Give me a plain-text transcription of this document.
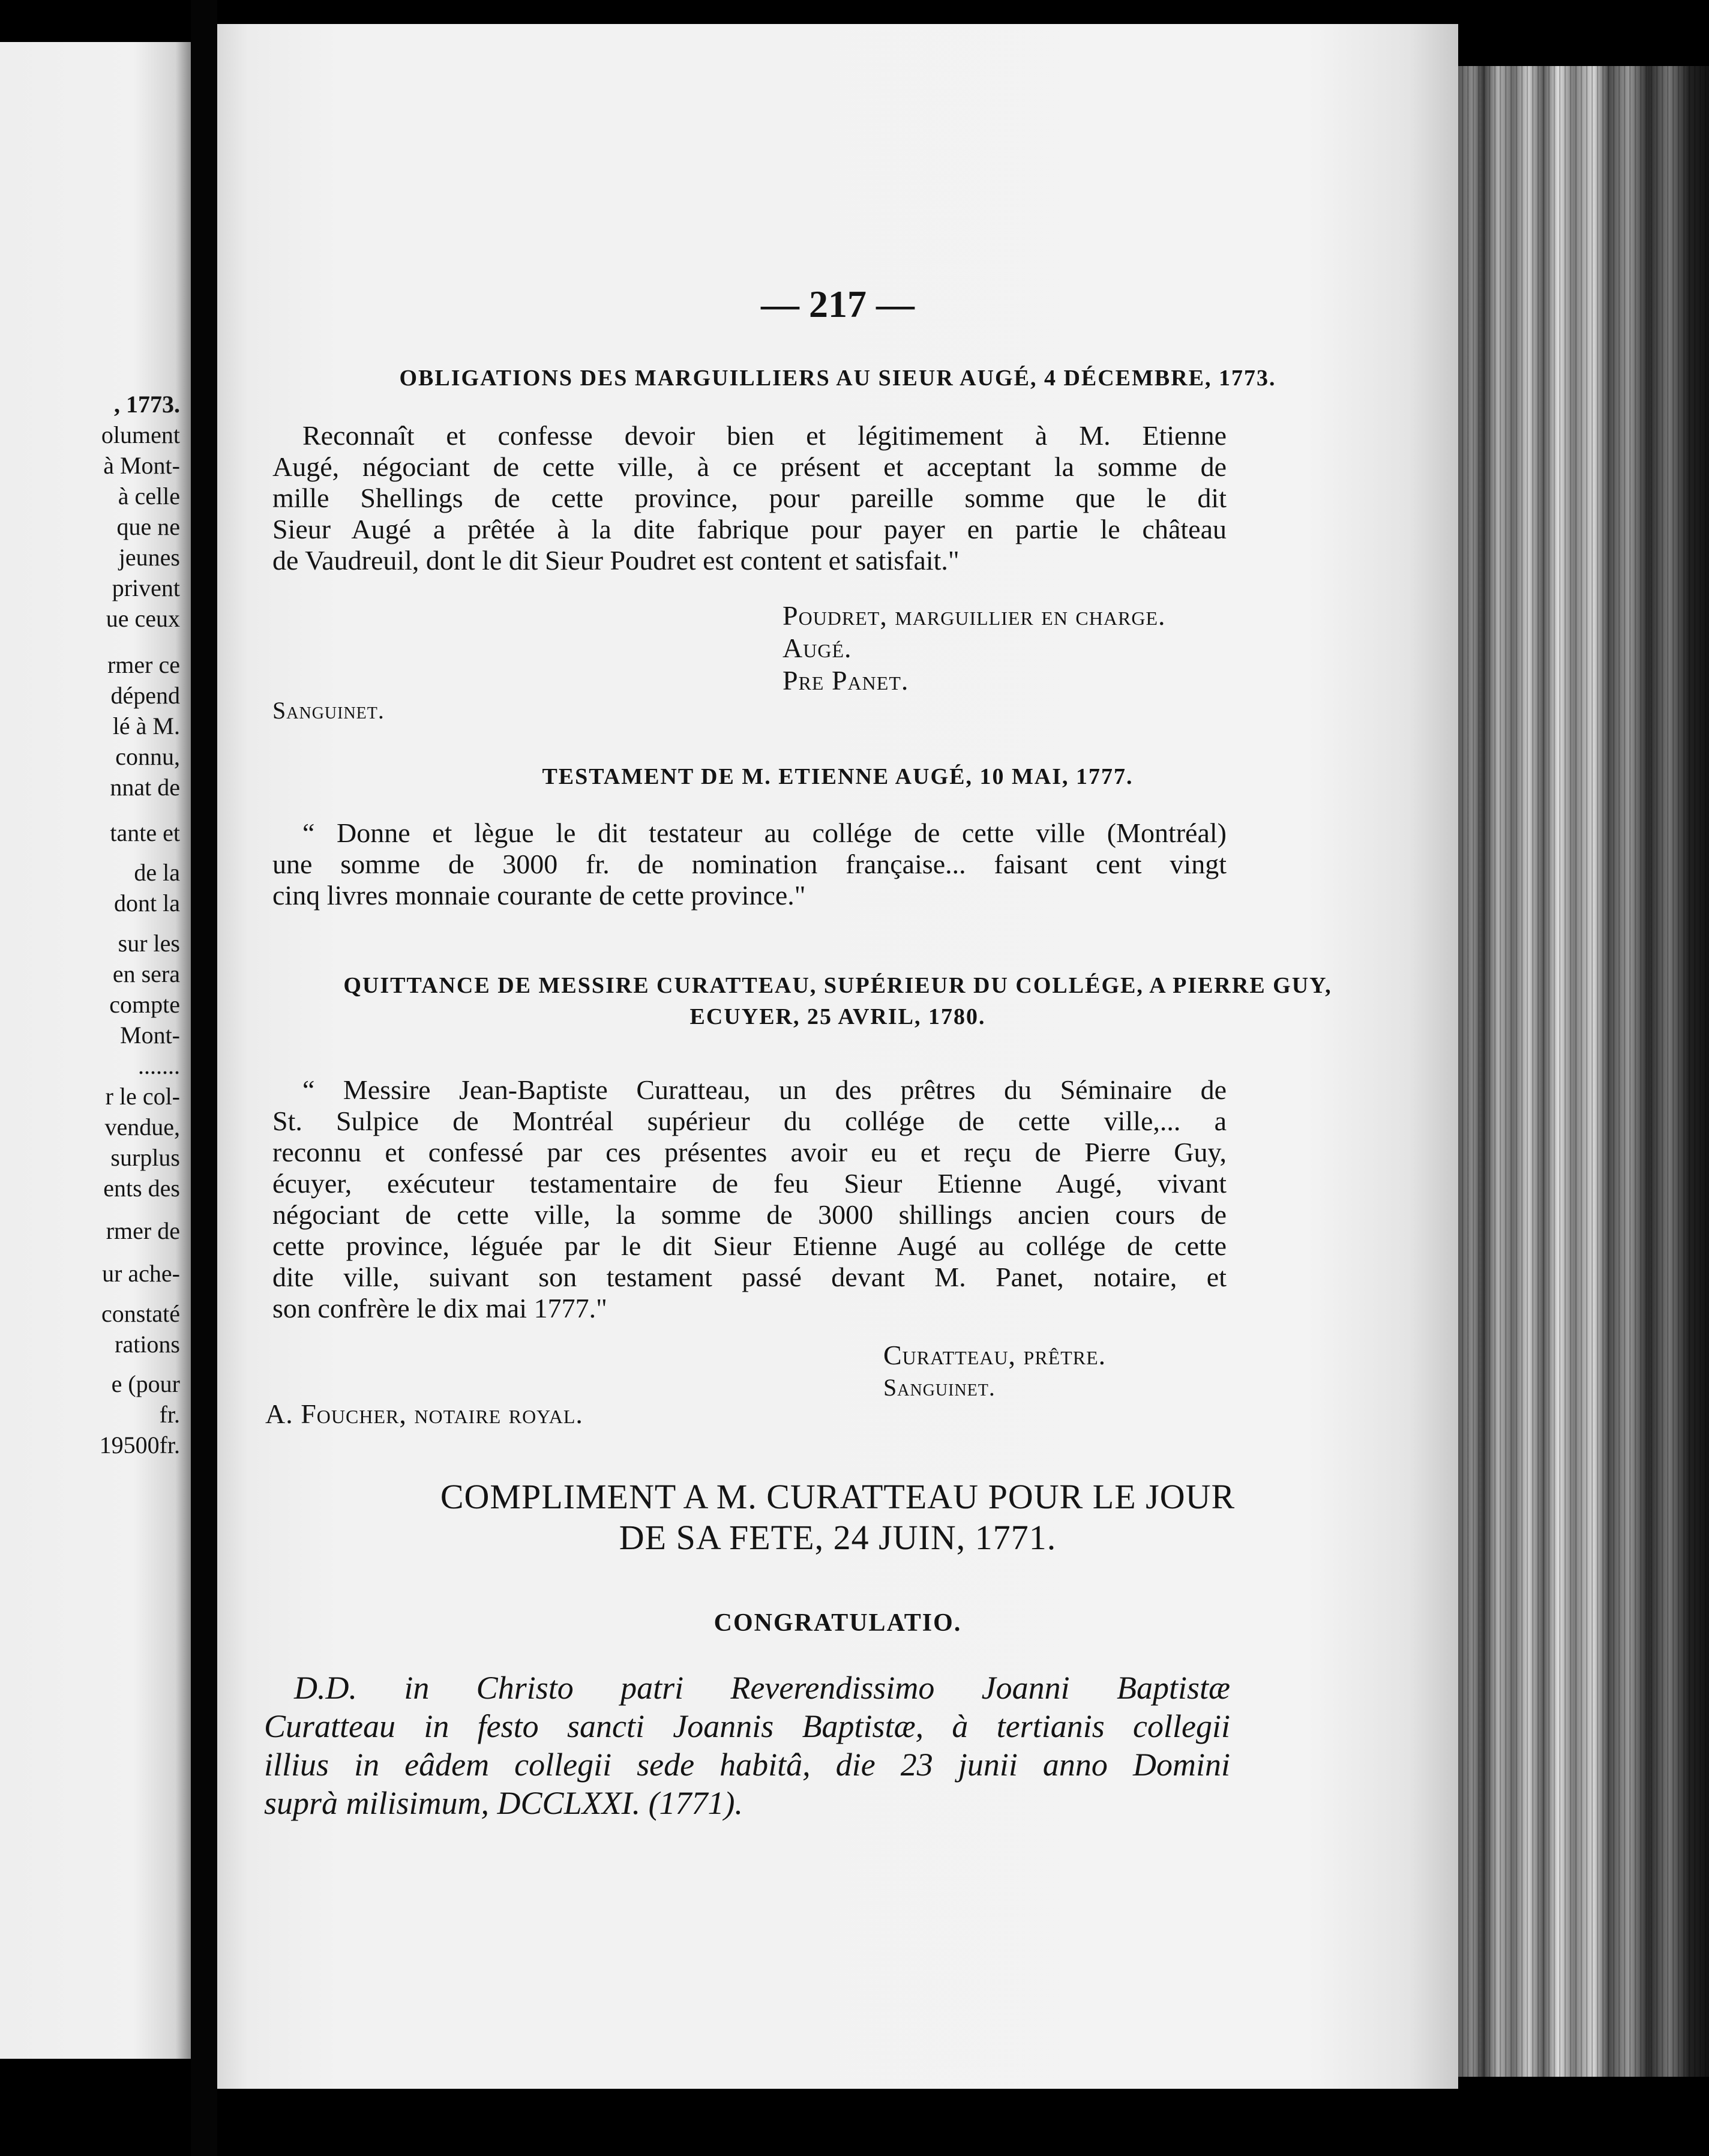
, 1773.
olument
à Mont-
à celle
que ne
jeunes
privent
ue ceux
rmer ce
dépend
lé à M.
connu,
nnat de
tante et
de la
dont la
sur les
en sera
compte
Mont-
.......
r le col-
vendue,
surplus
ents des
rmer de
ur ache-
constaté
rations
e (pour
fr.
19500fr.
— 217 —
OBLIGATIONS DES MARGUILLIERS AU SIEUR AUGÉ, 4 DÉCEMBRE, 1773.
Reconnaît et confesse devoir bien et légitimement à M. Etienne
Augé, négociant de cette ville, à ce présent et acceptant la somme de
mille Shellings de cette province, pour pareille somme que le dit
Sieur Augé a prêtée à la dite fabrique pour payer en partie le château
de Vaudreuil, dont le dit Sieur Poudret est content et satisfait."
Poudret, marguillier en charge.
Augé.
Pre Panet.
Sanguinet.
TESTAMENT DE M. ETIENNE AUGÉ, 10 MAI, 1777.
“ Donne et lègue le dit testateur au collége de cette ville (Montréal)
une somme de 3000 fr. de nomination française... faisant cent vingt
cinq livres monnaie courante de cette province."
QUITTANCE DE MESSIRE CURATTEAU, SUPÉRIEUR DU COLLÉGE, A PIERRE GUY,
ECUYER, 25 AVRIL, 1780.
“ Messire Jean-Baptiste Curatteau, un des prêtres du Séminaire de
St. Sulpice de Montréal supérieur du collége de cette ville,... a
reconnu et confessé par ces présentes avoir eu et reçu de Pierre Guy,
écuyer, exécuteur testamentaire de feu Sieur Etienne Augé, vivant
négociant de cette ville, la somme de 3000 shillings ancien cours de
cette province, léguée par le dit Sieur Etienne Augé au collége de cette
dite ville, suivant son testament passé devant M. Panet, notaire, et
son confrère le dix mai 1777."
Curatteau, prêtre.
Sanguinet.
A. Foucher, notaire royal.
COMPLIMENT A M. CURATTEAU POUR LE JOUR
DE SA FETE, 24 JUIN, 1771.
CONGRATULATIO.
D.D. in Christo patri Reverendissimo Joanni Baptistæ
Curatteau in festo sancti Joannis Baptistæ, à tertianis collegii
illius in eâdem collegii sede habitâ, die 23 junii anno Domini
suprà milisimum, DCCLXXI. (1771).
